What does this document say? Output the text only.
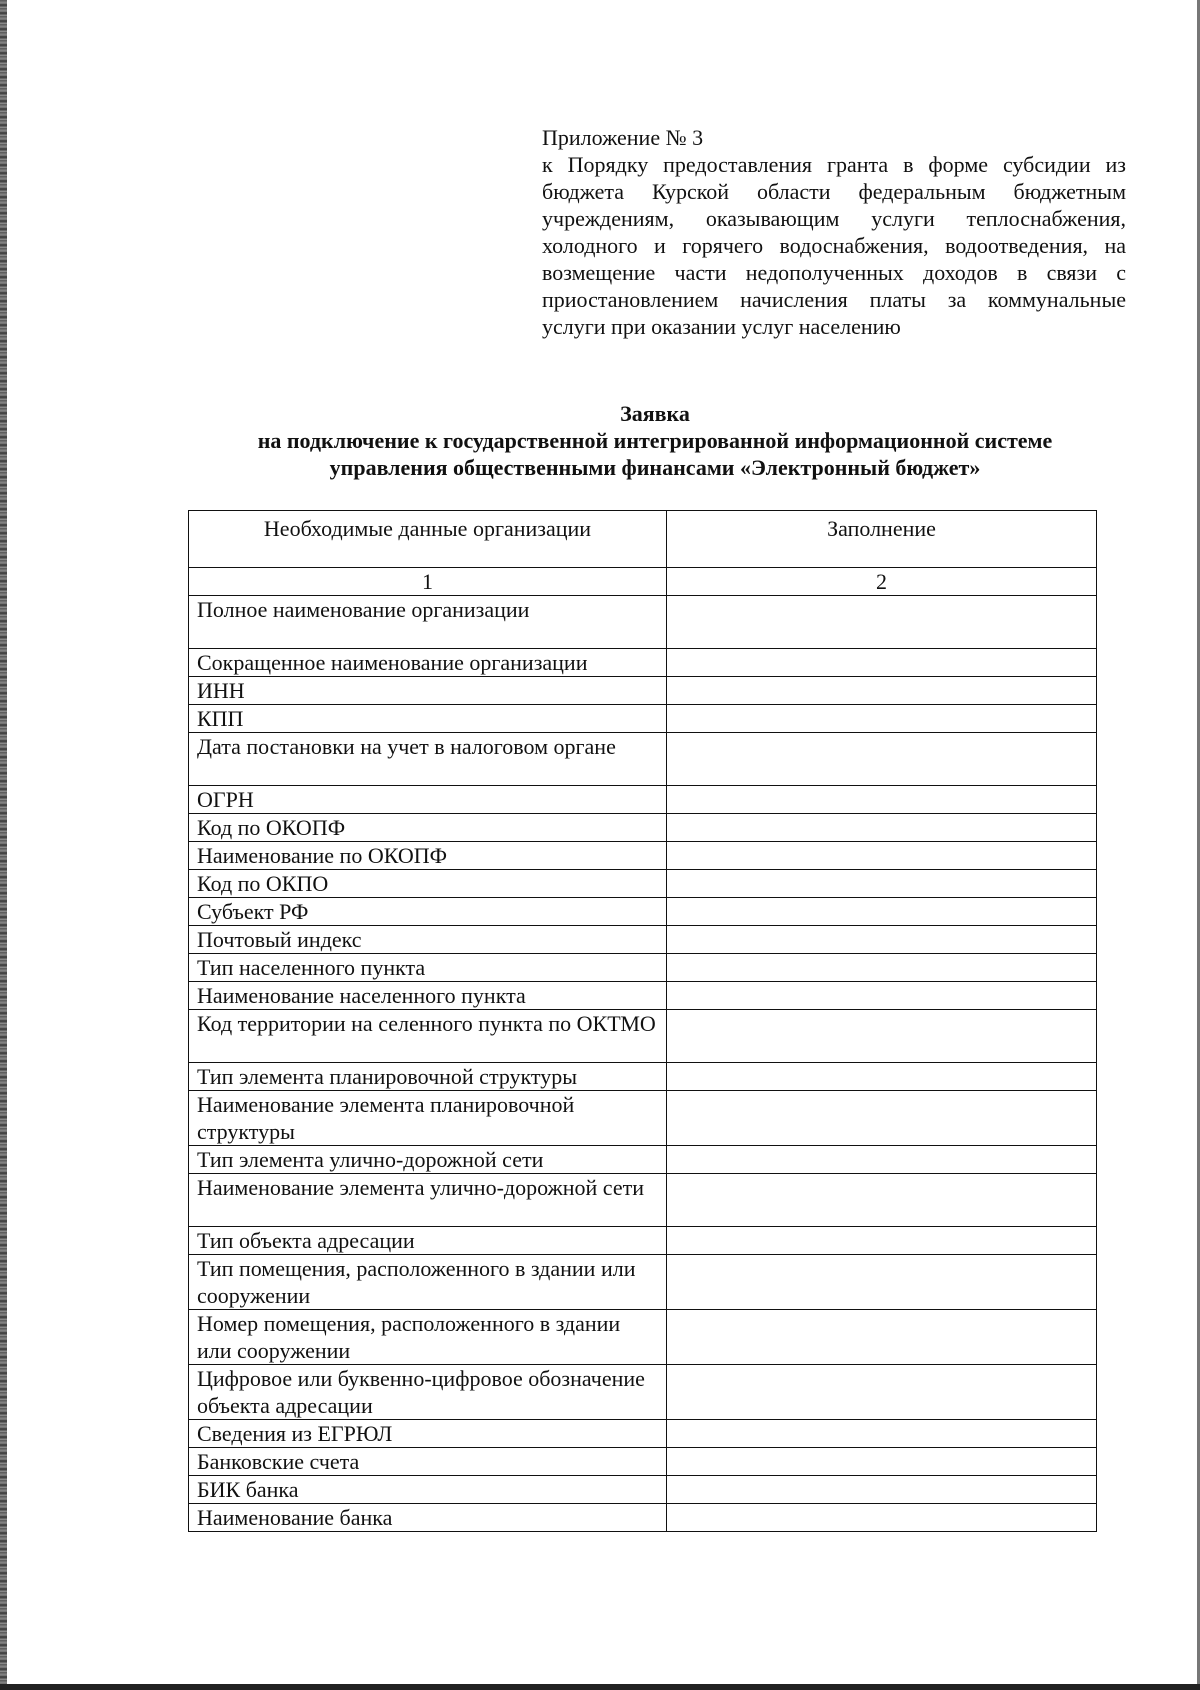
Приложение № 3
к Порядку предоставления гранта в форме субсидии из бюджета Курской области федеральным бюджетным учреждениям, оказывающим услуги теплоснабжения, холодного и горячего водоснабжения, водоотведения, на возмещение части недополученных доходов в связи с приостановлением начисления платы за коммунальные услуги при оказании услуг населению
Заявка
на подключение к государственной интегрированной информационной системе
управления общественными финансами «Электронный бюджет»
Необходимые данные организации	Заполнение
1	2
Полное наименование организации	
Сокращенное наименование организации	
ИНН	
КПП	
Дата постановки на учет в налоговом органе	
ОГРН	
Код по ОКОПФ	
Наименование по ОКОПФ	
Код по ОКПО	
Субъект РФ	
Почтовый индекс	
Тип населенного пункта	
Наименование населенного пункта	
Код территории на селенного пункта по ОКТМО	
Тип элемента планировочной структуры	
Наименование элемента планировочной структуры	
Тип элемента улично-дорожной сети	
Наименование элемента улично-дорожной сети	
Тип объекта адресации	
Тип помещения, расположенного в здании или сооружении	
Номер помещения, расположенного в здании или сооружении	
Цифровое или буквенно-цифровое обозначение объекта адресации	
Сведения из ЕГРЮЛ	
Банковские счета	
БИК банка	
Наименование банка	
